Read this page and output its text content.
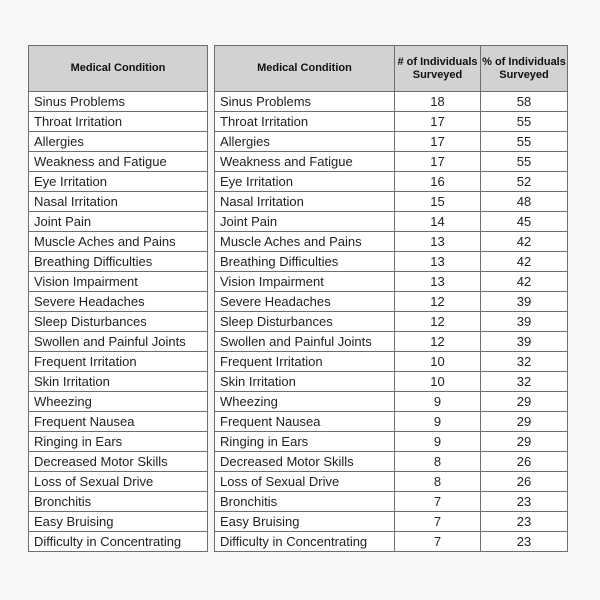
Medical Condition
Sinus Problems
Throat Irritation
Allergies
Weakness and Fatigue
Eye Irritation
Nasal Irritation
Joint Pain
Muscle Aches and Pains
Breathing Difficulties
Vision Impairment
Severe Headaches
Sleep Disturbances
Swollen and Painful Joints
Frequent Irritation
Skin Irritation
Wheezing
Frequent Nausea
Ringing in Ears
Decreased Motor Skills
Loss of Sexual Drive
Bronchitis
Easy Bruising
Difficulty in Concentrating
Medical Condition	# of Individuals Surveyed	% of Individuals Surveyed
Sinus Problems	18	58
Throat Irritation	17	55
Allergies	17	55
Weakness and Fatigue	17	55
Eye Irritation	16	52
Nasal Irritation	15	48
Joint Pain	14	45
Muscle Aches and Pains	13	42
Breathing Difficulties	13	42
Vision Impairment	13	42
Severe Headaches	12	39
Sleep Disturbances	12	39
Swollen and Painful Joints	12	39
Frequent Irritation	10	32
Skin Irritation	10	32
Wheezing	9	29
Frequent Nausea	9	29
Ringing in Ears	9	29
Decreased Motor Skills	8	26
Loss of Sexual Drive	8	26
Bronchitis	7	23
Easy Bruising	7	23
Difficulty in Concentrating	7	23
